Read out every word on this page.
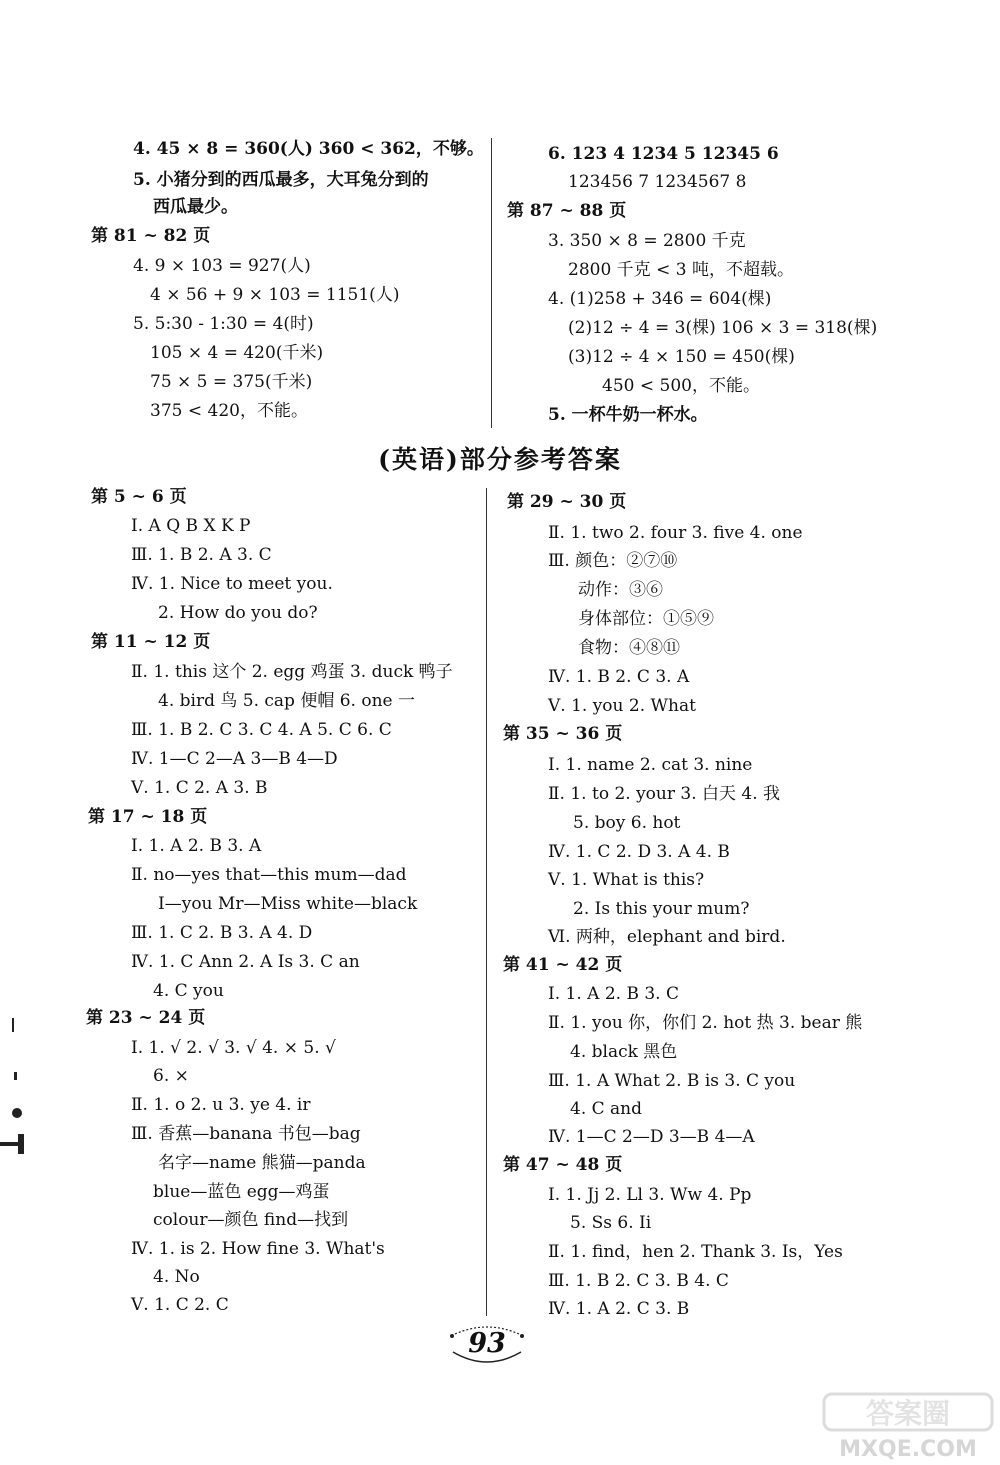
4. 45 × 8 = 360(人) 360 < 362，不够。
5. 小猪分到的西瓜最多，大耳兔分到的
西瓜最少。
第 81 ~ 82 页
4. 9 × 103 = 927(人)
4 × 56 + 9 × 103 = 1151(人)
5. 5:30 - 1:30 = 4(时)
105 × 4 = 420(千米)
75 × 5 = 375(千米)
375 < 420，不能。
6. 123 4 1234 5 12345 6
123456 7 1234567 8
第 87 ~ 88 页
3. 350 × 8 = 2800 千克
2800 千克 < 3 吨，不超载。
4. (1)258 + 346 = 604(棵)
(2)12 ÷ 4 = 3(棵) 106 × 3 = 318(棵)
(3)12 ÷ 4 × 150 = 450(棵)
450 < 500，不能。
5. 一杯牛奶一杯水。
(英语)部分参考答案
第 5 ~ 6 页
Ⅰ. A Q B X K P
Ⅲ. 1. B 2. A 3. C
Ⅳ. 1. Nice to meet you.
2. How do you do?
第 11 ~ 12 页
Ⅱ. 1. this 这个 2. egg 鸡蛋 3. duck 鸭子
4. bird 鸟 5. cap 便帽 6. one 一
Ⅲ. 1. B 2. C 3. C 4. A 5. C 6. C
Ⅳ. 1—C 2—A 3—B 4—D
Ⅴ. 1. C 2. A 3. B
第 17 ~ 18 页
Ⅰ. 1. A 2. B 3. A
Ⅱ. no—yes that—this mum—dad
I—you Mr—Miss white—black
Ⅲ. 1. C 2. B 3. A 4. D
Ⅳ. 1. C Ann 2. A Is 3. C an
4. C you
第 23 ~ 24 页
Ⅰ. 1. √ 2. √ 3. √ 4. × 5. √
6. ×
Ⅱ. 1. o 2. u 3. ye 4. ir
Ⅲ. 香蕉—banana 书包—bag
名字—name 熊猫—panda
blue—蓝色 egg—鸡蛋
colour—颜色 find—找到
Ⅳ. 1. is 2. How fine 3. What's
4. No
Ⅴ. 1. C 2. C
第 29 ~ 30 页
Ⅱ. 1. two 2. four 3. five 4. one
Ⅲ. 颜色：②⑦⑩
动作：③⑥
身体部位：①⑤⑨
食物：④⑧⑪
Ⅳ. 1. B 2. C 3. A
Ⅴ. 1. you 2. What
第 35 ~ 36 页
Ⅰ. 1. name 2. cat 3. nine
Ⅱ. 1. to 2. your 3. 白天 4. 我
5. boy 6. hot
Ⅳ. 1. C 2. D 3. A 4. B
Ⅴ. 1. What is this?
2. Is this your mum?
Ⅵ. 两种，elephant and bird.
第 41 ~ 42 页
Ⅰ. 1. A 2. B 3. C
Ⅱ. 1. you 你，你们 2. hot 热 3. bear 熊
4. black 黑色
Ⅲ. 1. A What 2. B is 3. C you
4. C and
Ⅳ. 1—C 2—D 3—B 4—A
第 47 ~ 48 页
Ⅰ. 1. Jj 2. Ll 3. Ww 4. Pp
5. Ss 6. Ii
Ⅱ. 1. find，hen 2. Thank 3. Is，Yes
Ⅲ. 1. B 2. C 3. B 4. C
Ⅳ. 1. A 2. C 3. B
93
答案圈
MXQE.COM
